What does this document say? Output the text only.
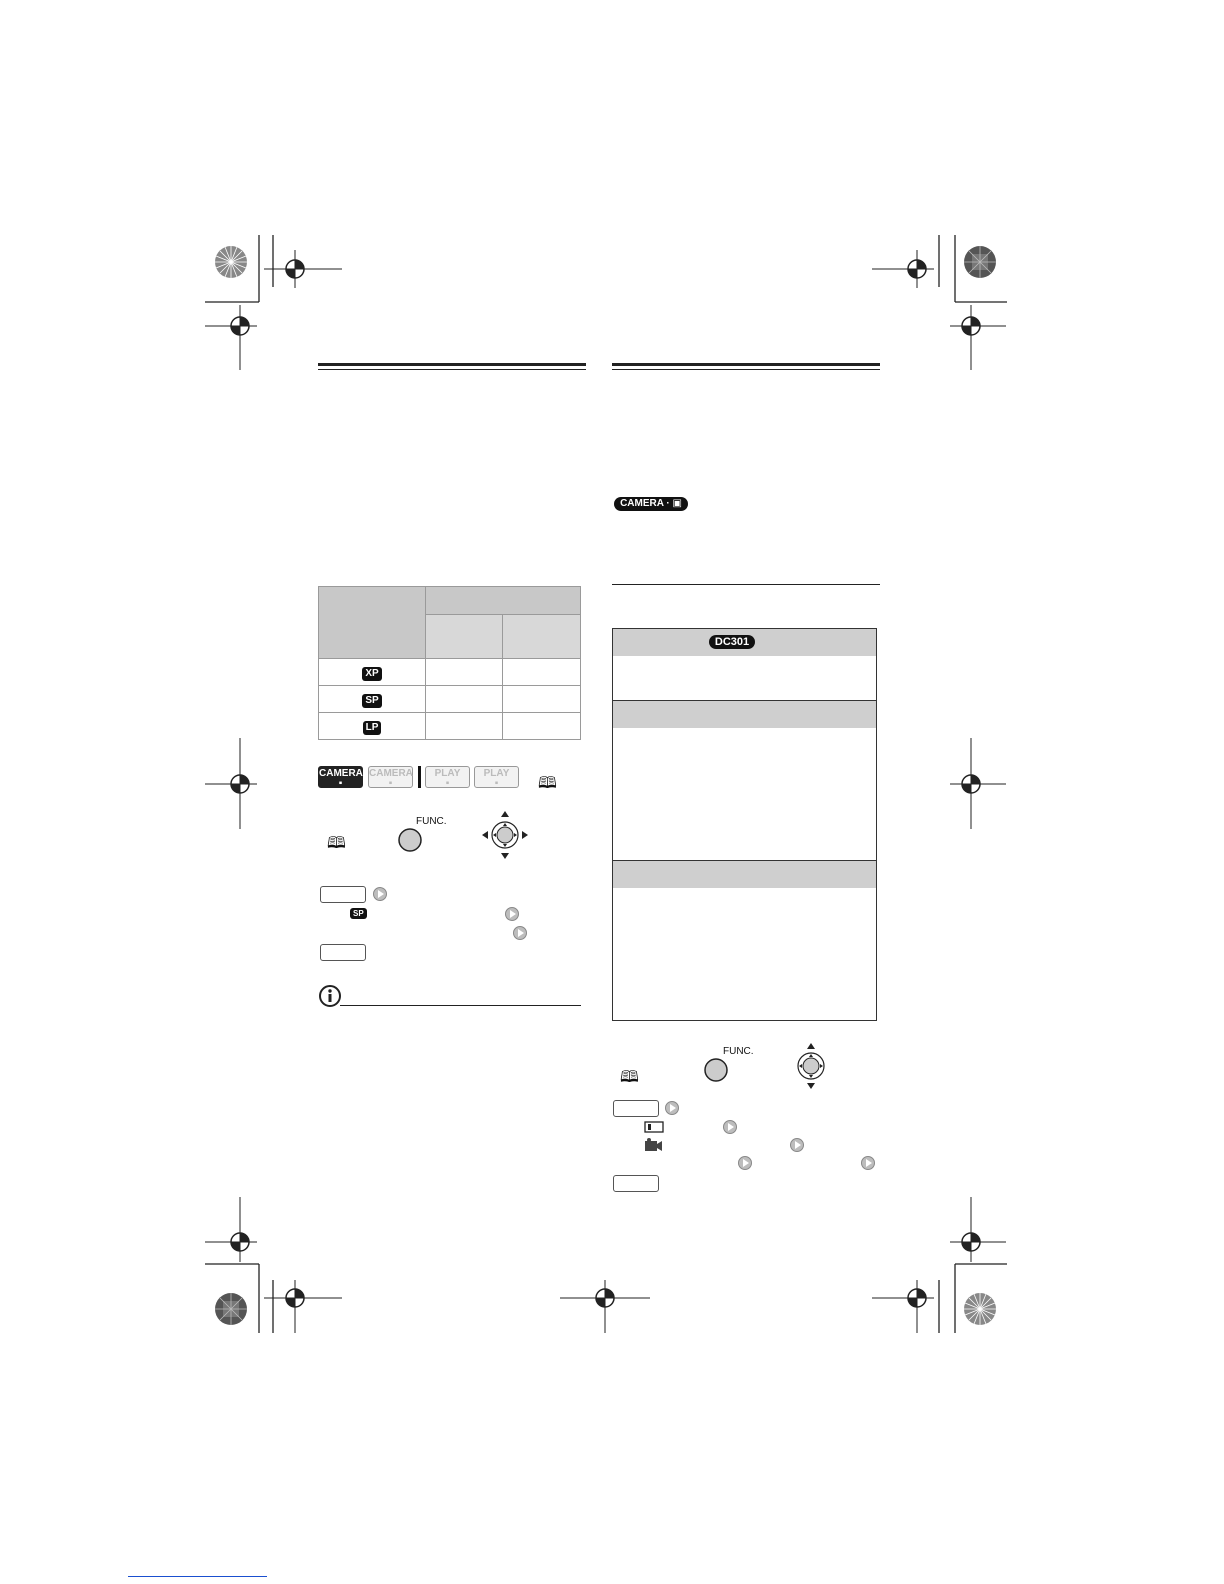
XP		
SP		
LP		
CAMERA
▪︎
CAMERA
▪︎
PLAY
▪︎
PLAY
▪︎	🕮
🕮
FUNC.
SP
CAMERA · ▣
DC301
🕮
FUNC.
